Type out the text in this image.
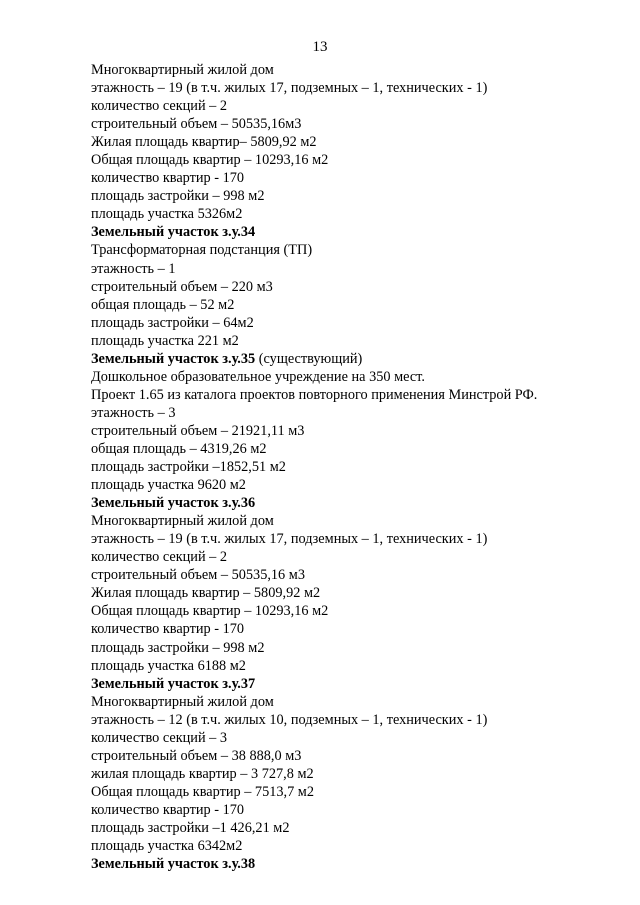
13
Многоквартирный жилой дом
этажность – 19 (в т.ч. жилых 17, подземных – 1, технических - 1)
количество секций – 2
строительный объем – 50535,16м3
Жилая площадь квартир– 5809,92 м2
Общая площадь квартир – 10293,16 м2
количество квартир - 170
площадь застройки – 998 м2
площадь участка 5326м2
Земельный участок з.у.34
Трансформаторная подстанция (ТП)
этажность – 1
строительный объем – 220 м3
общая площадь – 52 м2
площадь застройки – 64м2
площадь участка 221 м2
Земельный участок з.у.35 (существующий)
Дошкольное образовательное учреждение на 350 мест.
Проект 1.65 из каталога проектов повторного применения Минстрой РФ.
этажность – 3
строительный объем – 21921,11 м3
общая площадь – 4319,26 м2
площадь застройки –1852,51 м2
площадь участка 9620 м2
Земельный участок з.у.36
Многоквартирный жилой дом
этажность – 19 (в т.ч. жилых 17, подземных – 1, технических - 1)
количество секций – 2
строительный объем – 50535,16 м3
Жилая площадь квартир – 5809,92 м2
Общая площадь квартир – 10293,16 м2
количество квартир - 170
площадь застройки – 998 м2
площадь участка 6188 м2
Земельный участок з.у.37
Многоквартирный жилой дом
этажность – 12 (в т.ч. жилых 10, подземных – 1, технических - 1)
количество секций – 3
строительный объем – 38 888,0 м3
жилая площадь квартир – 3 727,8 м2
Общая площадь квартир – 7513,7 м2
количество квартир - 170
площадь застройки –1 426,21 м2
площадь участка 6342м2
Земельный участок з.у.38
